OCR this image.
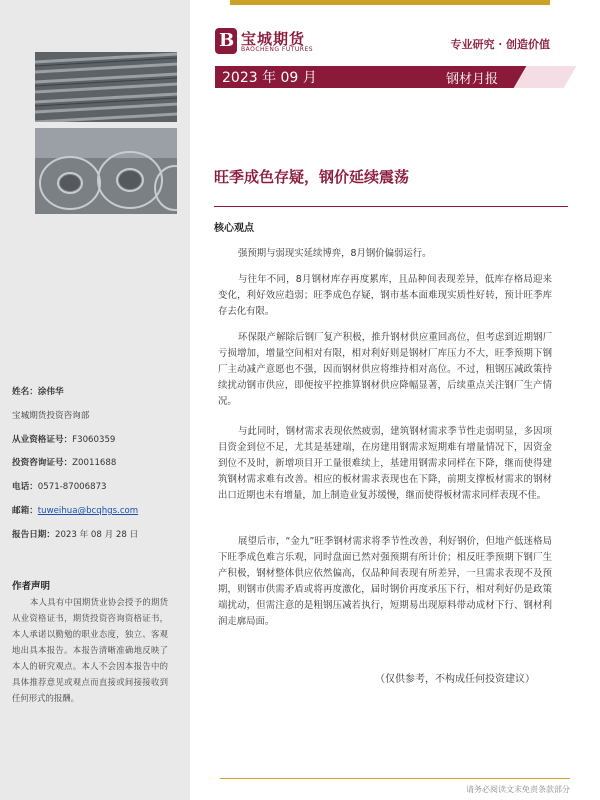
B 宝城期货
BAOCHENG FUTURES	专业研究 · 创造价值
2023 年 09 月	钢材月报
旺季成色存疑，钢价延续震荡
核心观点

强预期与弱现实延续博弈，8月钢价偏弱运行。

与往年不同，8月钢材库存再度累库，且品种间表现差异，低库存格局迎来变化，利好效应趋弱；旺季成色存疑，钢市基本面难现实质性好转，预计旺季库存去化有限。

环保限产解除后钢厂复产积极，推升钢材供应重回高位，但考虑到近期钢厂亏损增加，增量空间相对有限，相对利好则是钢材厂库压力不大，旺季预期下钢厂主动减产意愿也不强，因而钢材供应将维持相对高位。不过，粗钢压减政策持续扰动钢市供应，即便按平控推算钢材供应降幅显著，后续重点关注钢厂生产情况。

与此同时，钢材需求表现依然疲弱，建筑钢材需求季节性走弱明显，多因项目资金到位不足，尤其是基建端，在房建用钢需求短期难有增量情况下，因资金到位不及时，新增项目开工量很难续上，基建用钢需求同样在下降，继而使得建筑钢材需求难有改善。相应的板材需求表现也在下降，前期支撑板材需求的钢材出口近期也未有增量，加上制造业复苏缓慢，继而使得板材需求同样表现不佳。

展望后市，“金九”旺季钢材需求将季节性改善，利好钢价，但地产低迷格局下旺季成色难言乐观，同时盘面已然对强预期有所计价；相反旺季预期下钢厂生产积极，钢材整体供应依然偏高，仅品种间表现有所差异，一旦需求表现不及预期，则钢市供需矛盾或将再度激化，届时钢价再度承压下行，相对利好仍是政策端扰动，但需注意的是粗钢压减若执行，短期易出现原料带动成材下行、钢材利润走廓局面。

（仅供参考，不构成任何投资建议）
请务必阅读文末免责条款部分
姓名：涂伟华
宝城期货投资咨询部
从业资格证号：F3060359
投资咨询证号：Z0011688
电话：0571-87006873
邮箱：tuweihua@bcqhgs.com
报告日期：2023 年 08 月 28 日
作者声明

本人具有中国期货业协会授予的期货从业资格证书，期货投资咨询资格证书，本人承诺以勤勉的职业态度，独立、客观地出具本报告。本报告清晰准确地反映了本人的研究观点。本人不会因本报告中的具体推荐意见或观点而直接或间接接收到任何形式的报酬。
